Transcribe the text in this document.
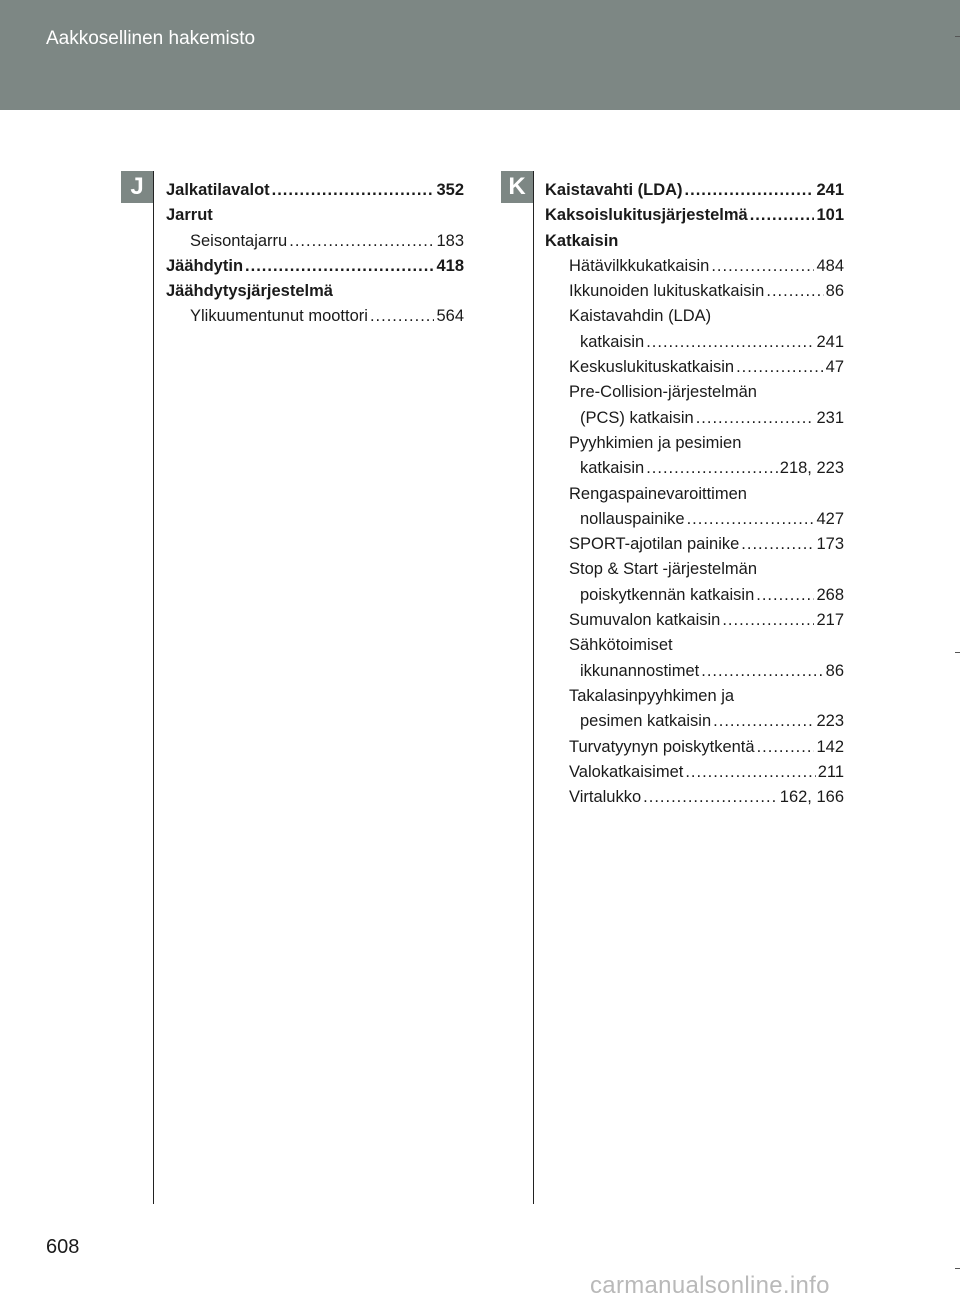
Aakkosellinen hakemisto
J	K
Jalkatilavalot .....	352
Jarrut
Seisontajarru .....	183
Jäähdytin .....	418
Jäähdytysjärjestelmä
Ylikuumentunut moottori .....	564
Kaistavahti (LDA) .....	241
Kaksoislukitusjärjestelmä .....	101
Katkaisin
Hätävilkkukatkaisin .....	484
Ikkunoiden lukituskatkaisin .....	86
Kaistavahdin (LDA)
katkaisin .....	241
Keskuslukituskatkaisin .....	47
Pre-Collision-järjestelmän
(PCS) katkaisin .....	231
Pyyhkimien ja pesimien
katkaisin .....	218, 223
Rengaspainevaroittimen
nollauspainike .....	427
SPORT-ajotilan painike .....	173
Stop & Start -järjestelmän
poiskytkennän katkaisin .....	268
Sumuvalon katkaisin .....	217
Sähkötoimiset
ikkunannostimet .....	86
Takalasinpyyhkimen ja
pesimen katkaisin .....	223
Turvatyynyn poiskytkentä .....	142
Valokatkaisimet .....	211
Virtalukko .....	162, 166
608
carmanualsonline.info
